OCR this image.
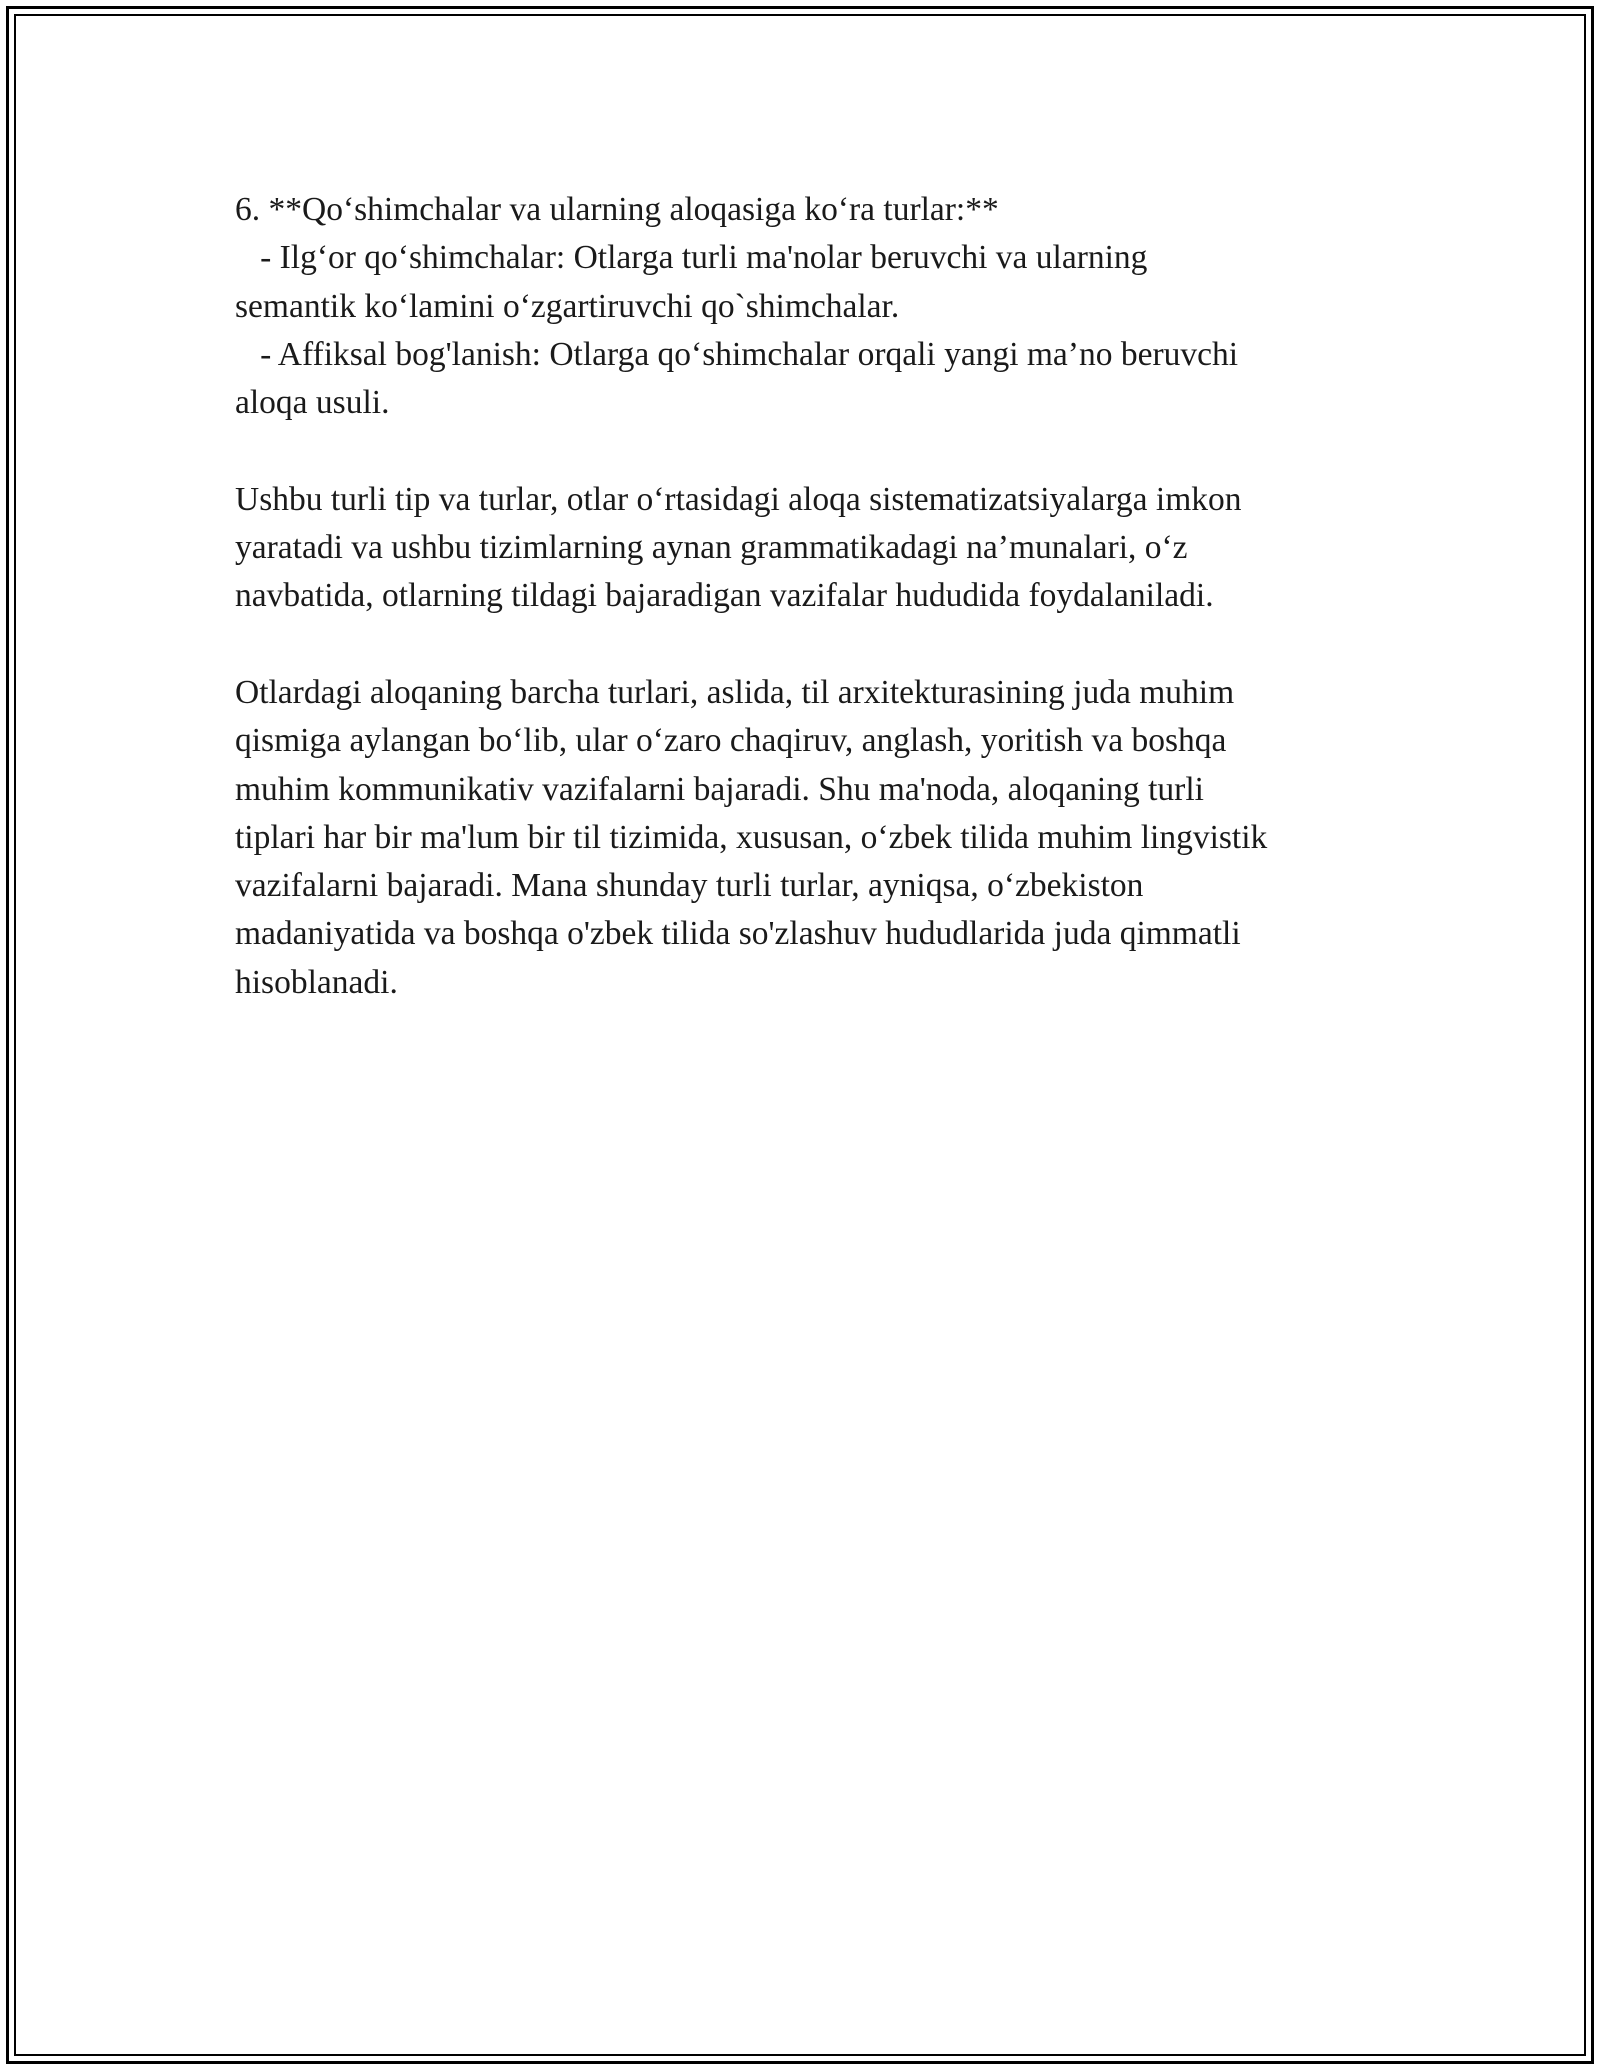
6. **Qo‘shimchalar va ularning aloqasiga ko‘ra turlar:**
- Ilg‘or qo‘shimchalar: Otlarga turli ma'nolar beruvchi va ularning
semantik ko‘lamini o‘zgartiruvchi qo`shimchalar.
- Affiksal bog'lanish: Otlarga qo‘shimchalar orqali yangi ma’no beruvchi
aloqa usuli.
Ushbu turli tip va turlar, otlar o‘rtasidagi aloqa sistematizatsiyalarga imkon
yaratadi va ushbu tizimlarning aynan grammatikadagi na’munalari, o‘z
navbatida, otlarning tildagi bajaradigan vazifalar hududida foydalaniladi.
Otlardagi aloqaning barcha turlari, aslida, til arxitekturasining juda muhim
qismiga aylangan bo‘lib, ular o‘zaro chaqiruv, anglash, yoritish va boshqa
muhim kommunikativ vazifalarni bajaradi. Shu ma'noda, aloqaning turli
tiplari har bir ma'lum bir til tizimida, xususan, o‘zbek tilida muhim lingvistik
vazifalarni bajaradi. Mana shunday turli turlar, ayniqsa, o‘zbekiston
madaniyatida va boshqa o'zbek tilida so'zlashuv hududlarida juda qimmatli
hisoblanadi.
